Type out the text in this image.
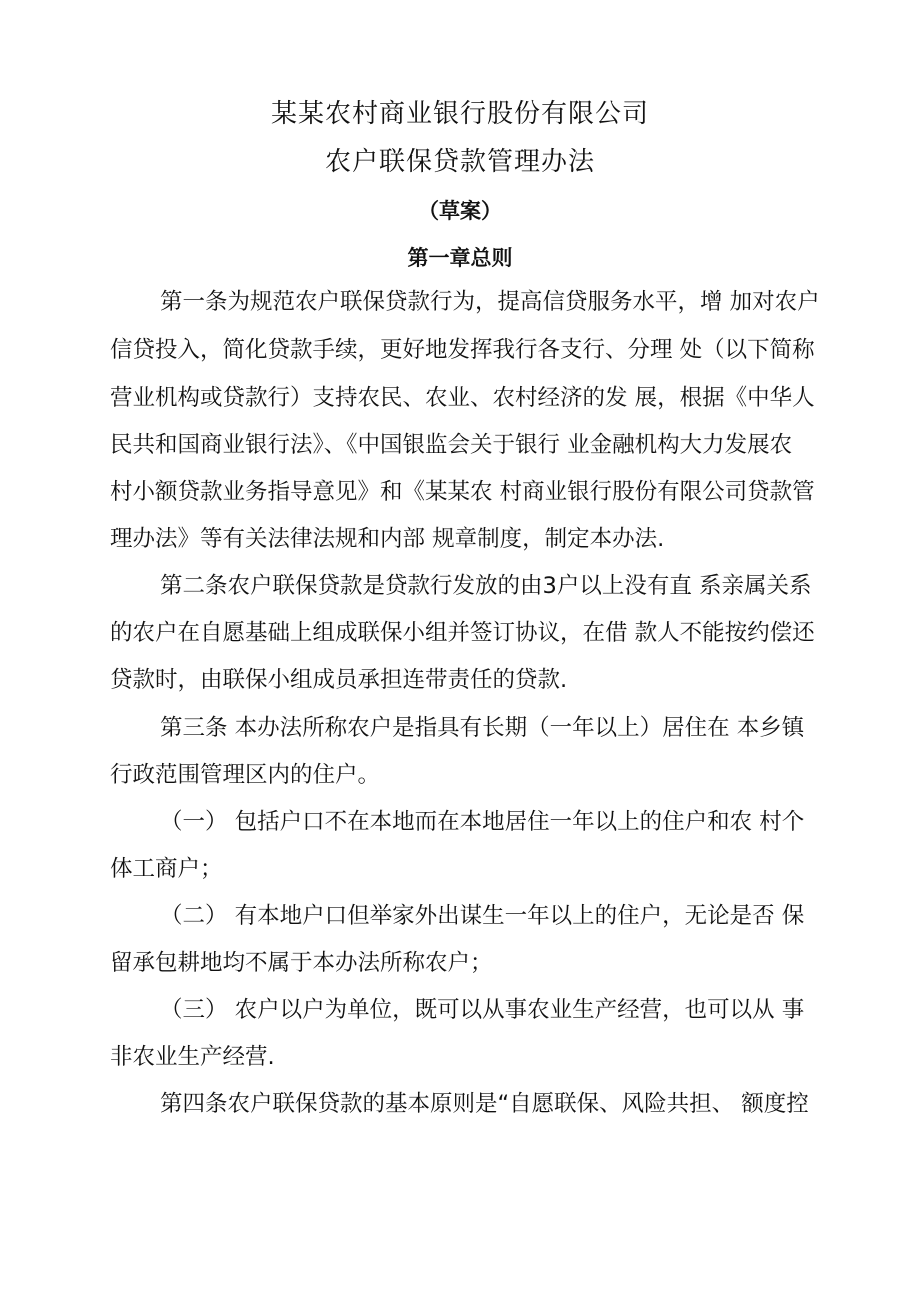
某某农村商业银行股份有限公司
农户联保贷款管理办法
（草案）
第一章总则
第一条为规范农户联保贷款行为，提高信贷服务水平，增 加对农户
信贷投入，简化贷款手续，更好地发挥我行各支行、分理 处（以下简称
营业机构或贷款行）支持农民、农业、农村经济的发 展，根据《中华人
民共和国商业银行法》、《中国银监会关于银行 业金融机构大力发展农
村小额贷款业务指导意见》和《某某农 村商业银行股份有限公司贷款管
理办法》等有关法律法规和内部 规章制度，制定本办法.
第二条农户联保贷款是贷款行发放的由3户以上没有直 系亲属关系
的农户在自愿基础上组成联保小组并签订协议，在借 款人不能按约偿还
贷款时，由联保小组成员承担连带责任的贷款.
第三条 本办法所称农户是指具有长期（一年以上）居住在 本乡镇
行政范围管理区内的住户。
（一） 包括户口不在本地而在本地居住一年以上的住户和农 村个
体工商户；
（二） 有本地户口但举家外出谋生一年以上的住户，无论是否 保
留承包耕地均不属于本办法所称农户；
（三） 农户以户为单位，既可以从事农业生产经营，也可以从 事
非农业生产经营.
第四条农户联保贷款的基本原则是“自愿联保、风险共担、 额度控
